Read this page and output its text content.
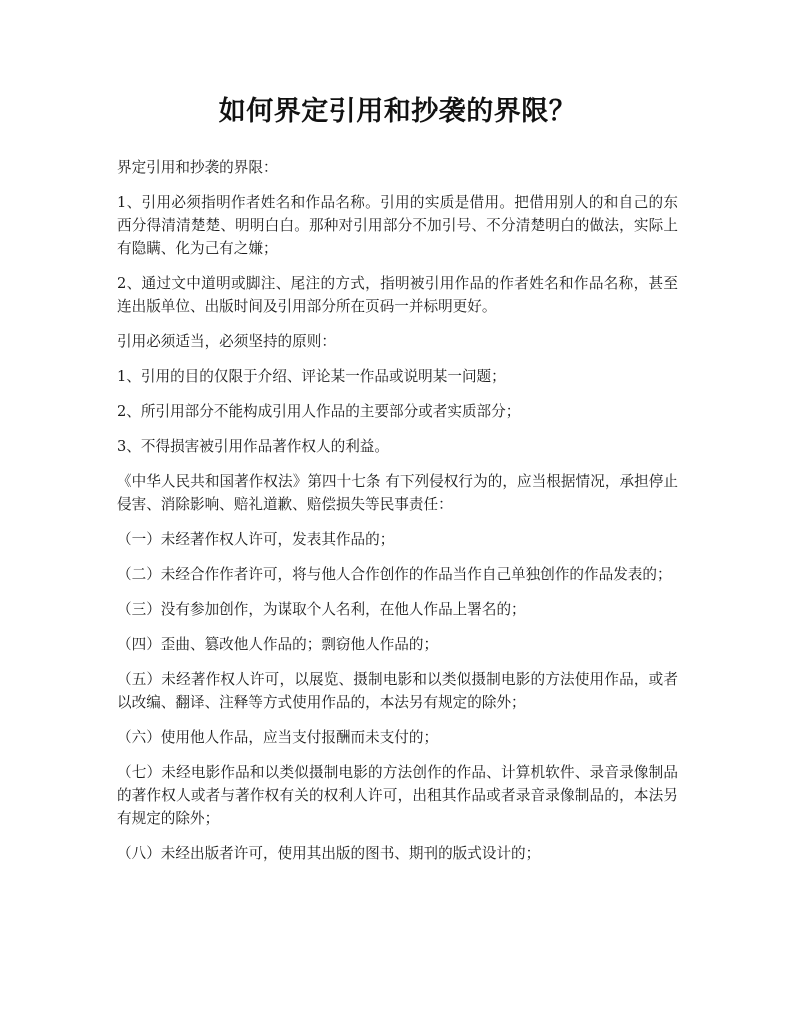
如何界定引用和抄袭的界限？

界定引用和抄袭的界限：

1、引用必须指明作者姓名和作品名称。引用的实质是借用。把借用别人的和自己的东西分得清清楚楚、明明白白。那种对引用部分不加引号、不分清楚明白的做法，实际上有隐瞒、化为己有之嫌；

2、通过文中道明或脚注、尾注的方式，指明被引用作品的作者姓名和作品名称，甚至连出版单位、出版时间及引用部分所在页码一并标明更好。

引用必须适当，必须坚持的原则：

1、引用的目的仅限于介绍、评论某一作品或说明某一问题；

2、所引用部分不能构成引用人作品的主要部分或者实质部分；

3、不得损害被引用作品著作权人的利益。

《中华人民共和国著作权法》第四十七条 有下列侵权行为的，应当根据情况，承担停止侵害、消除影响、赔礼道歉、赔偿损失等民事责任：

（一）未经著作权人许可，发表其作品的；

（二）未经合作作者许可，将与他人合作创作的作品当作自己单独创作的作品发表的；

（三）没有参加创作，为谋取个人名利，在他人作品上署名的；

（四）歪曲、篡改他人作品的；剽窃他人作品的；

（五）未经著作权人许可，以展览、摄制电影和以类似摄制电影的方法使用作品，或者以改编、翻译、注释等方式使用作品的，本法另有规定的除外；

（六）使用他人作品，应当支付报酬而未支付的；

（七）未经电影作品和以类似摄制电影的方法创作的作品、计算机软件、录音录像制品的著作权人或者与著作权有关的权利人许可，出租其作品或者录音录像制品的，本法另有规定的除外；

（八）未经出版者许可，使用其出版的图书、期刊的版式设计的；
